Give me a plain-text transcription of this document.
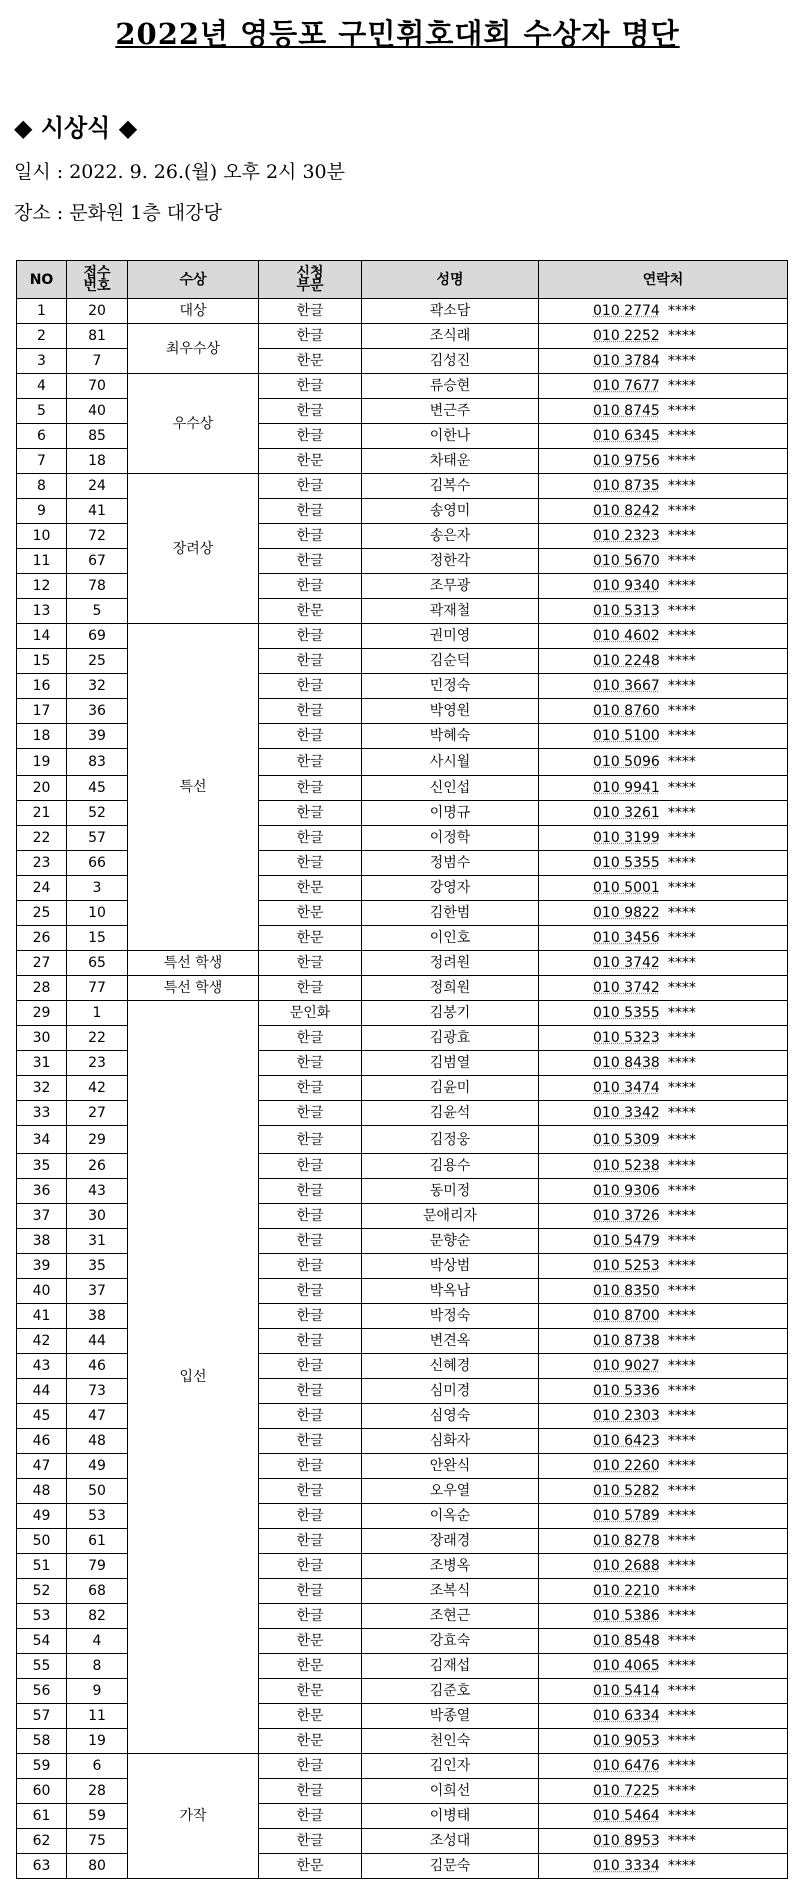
2022년 영등포 구민휘호대회 수상자 명단
◆ 시상식 ◆
일시 : 2022. 9. 26.(월) 오후 2시 30분
장소 : 문화원 1층 대강당
NO	접수번호	수상	신청부문	성명	연락처
1	20	대상	한글	곽소담	010 2774 ****
2	81	최우수상	한글	조식래	010 2252 ****
3	7		한문	김성진	010 3784 ****
4	70	우수상	한글	류승현	010 7677 ****
5	40		한글	변근주	010 8745 ****
6	85		한글	이한나	010 6345 ****
7	18		한문	차태운	010 9756 ****
8	24	장려상	한글	김복수	010 8735 ****
9	41		한글	송영미	010 8242 ****
10	72		한글	송은자	010 2323 ****
11	67		한글	정한각	010 5670 ****
12	78		한글	조무광	010 9340 ****
13	5		한문	곽재철	010 5313 ****
14	69	특선	한글	권미영	010 4602 ****
15	25		한글	김순덕	010 2248 ****
16	32		한글	민정숙	010 3667 ****
17	36		한글	박영원	010 8760 ****
18	39		한글	박혜숙	010 5100 ****
19	83		한글	사시월	010 5096 ****
20	45		한글	신인섭	010 9941 ****
21	52		한글	이명규	010 3261 ****
22	57		한글	이정학	010 3199 ****
23	66		한글	정범수	010 5355 ****
24	3		한문	강영자	010 5001 ****
25	10		한문	김한범	010 9822 ****
26	15		한문	이인호	010 3456 ****
27	65	특선 학생	한글	정려원	010 3742 ****
28	77	특선 학생	한글	정희원	010 3742 ****
29	1	입선	문인화	김봉기	010 5355 ****
30	22		한글	김광효	010 5323 ****
31	23		한글	김범열	010 8438 ****
32	42		한글	김윤미	010 3474 ****
33	27		한글	김윤석	010 3342 ****
34	29		한글	김정웅	010 5309 ****
35	26		한글	김용수	010 5238 ****
36	43		한글	동미정	010 9306 ****
37	30		한글	문애리자	010 3726 ****
38	31		한글	문향순	010 5479 ****
39	35		한글	박상범	010 5253 ****
40	37		한글	박옥남	010 8350 ****
41	38		한글	박정숙	010 8700 ****
42	44		한글	변견옥	010 8738 ****
43	46		한글	신혜경	010 9027 ****
44	73		한글	심미경	010 5336 ****
45	47		한글	심영숙	010 2303 ****
46	48		한글	심화자	010 6423 ****
47	49		한글	안완식	010 2260 ****
48	50		한글	오우열	010 5282 ****
49	53		한글	이옥순	010 5789 ****
50	61		한글	장래경	010 8278 ****
51	79		한글	조병옥	010 2688 ****
52	68		한글	조복식	010 2210 ****
53	82		한글	조현근	010 5386 ****
54	4		한문	강효숙	010 8548 ****
55	8		한문	김재섭	010 4065 ****
56	9		한문	김준호	010 5414 ****
57	11		한문	박종열	010 6334 ****
58	19		한문	천인숙	010 9053 ****
59	6	가작	한글	김인자	010 6476 ****
60	28		한글	이희선	010 7225 ****
61	59		한글	이병태	010 5464 ****
62	75		한글	조성대	010 8953 ****
63	80		한문	김문숙	010 3334 ****
